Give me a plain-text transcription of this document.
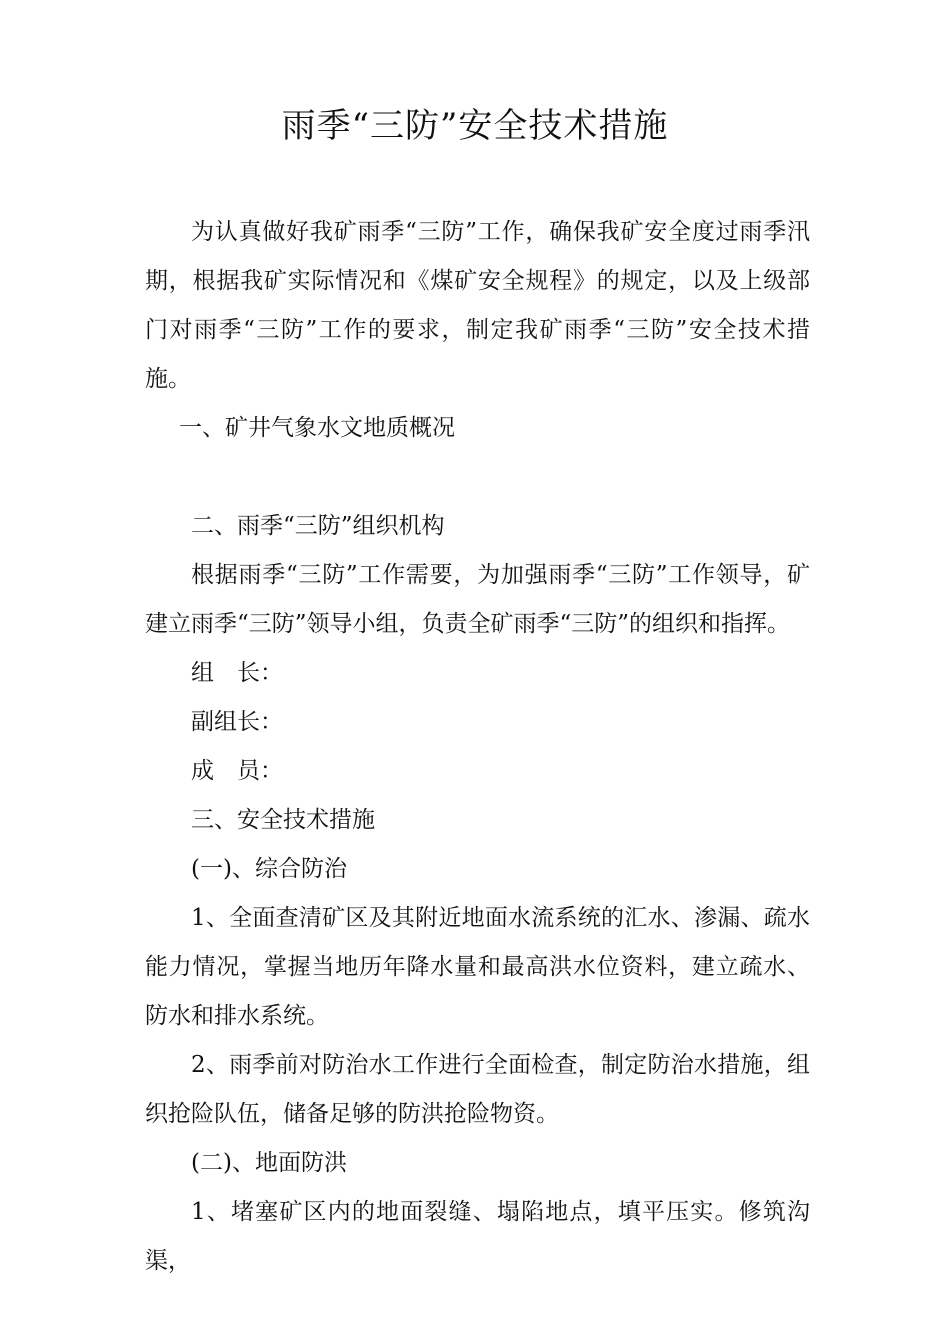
雨季“三防”安全技术措施

为认真做好我矿雨季“三防”工作，确保我矿安全度过雨季汛期，根据我矿实际情况和《煤矿安全规程》的规定，以及上级部门对雨季“三防”工作的要求，制定我矿雨季“三防”安全技术措施。

一、矿井气象水文地质概况

二、雨季“三防”组织机构

根据雨季“三防”工作需要，为加强雨季“三防”工作领导，矿建立雨季“三防”领导小组，负责全矿雨季“三防”的组织和指挥。

组　长：

副组长：

成　员：

三、安全技术措施

(一)、综合防治

1、全面查清矿区及其附近地面水流系统的汇水、渗漏、疏水能力情况，掌握当地历年降水量和最高洪水位资料，建立疏水、防水和排水系统。

2、雨季前对防治水工作进行全面检查，制定防治水措施，组织抢险队伍，储备足够的防洪抢险物资。

(二)、地面防洪

1、堵塞矿区内的地面裂缝、塌陷地点，填平压实。修筑沟渠，
